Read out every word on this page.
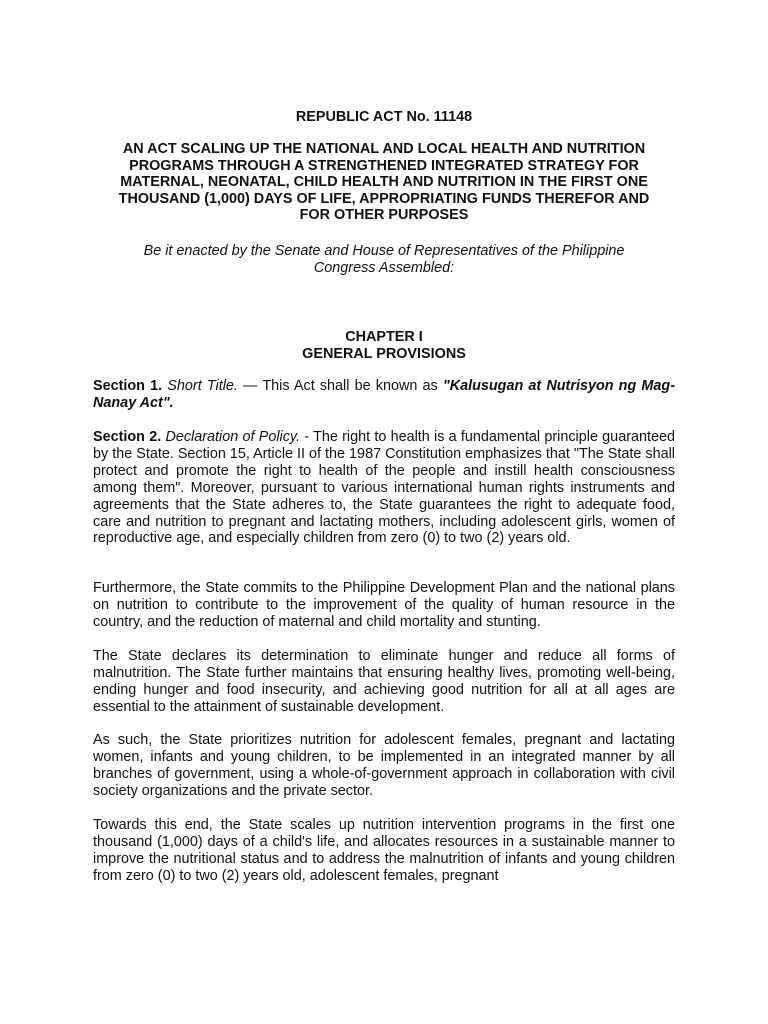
REPUBLIC ACT No. 11148

AN ACT SCALING UP THE NATIONAL AND LOCAL HEALTH AND NUTRITION
PROGRAMS THROUGH A STRENGTHENED INTEGRATED STRATEGY FOR
MATERNAL, NEONATAL, CHILD HEALTH AND NUTRITION IN THE FIRST ONE
THOUSAND (1,000) DAYS OF LIFE, APPROPRIATING FUNDS THEREFOR AND
FOR OTHER PURPOSES

Be it enacted by the Senate and House of Representatives of the Philippine
Congress Assembled:

CHAPTER I
GENERAL PROVISIONS

Section 1. Short Title. — This Act shall be known as "Kalusugan at Nutrisyon ng Mag-Nanay Act".

Section 2. Declaration of Policy. - The right to health is a fundamental principle guaranteed by the State. Section 15, Article II of the 1987 Constitution emphasizes that "The State shall protect and promote the right to health of the people and instill health consciousness among them". Moreover, pursuant to various international human rights instruments and agreements that the State adheres to, the State guarantees the right to adequate food, care and nutrition to pregnant and lactating mothers, including adolescent girls, women of reproductive age, and especially children from zero (0) to two (2) years old.

Furthermore, the State commits to the Philippine Development Plan and the national plans on nutrition to contribute to the improvement of the quality of human resource in the country, and the reduction of maternal and child mortality and stunting.

The State declares its determination to eliminate hunger and reduce all forms of malnutrition. The State further maintains that ensuring healthy lives, promoting well-being, ending hunger and food insecurity, and achieving good nutrition for all at all ages are essential to the attainment of sustainable development.

As such, the State prioritizes nutrition for adolescent females, pregnant and lactating women, infants and young children, to be implemented in an integrated manner by all branches of government, using a whole-of-government approach in collaboration with civil society organizations and the private sector.

Towards this end, the State scales up nutrition intervention programs in the first one thousand (1,000) days of a child's life, and allocates resources in a sustainable manner to improve the nutritional status and to address the malnutrition of infants and young children from zero (0) to two (2) years old, adolescent females, pregnant
